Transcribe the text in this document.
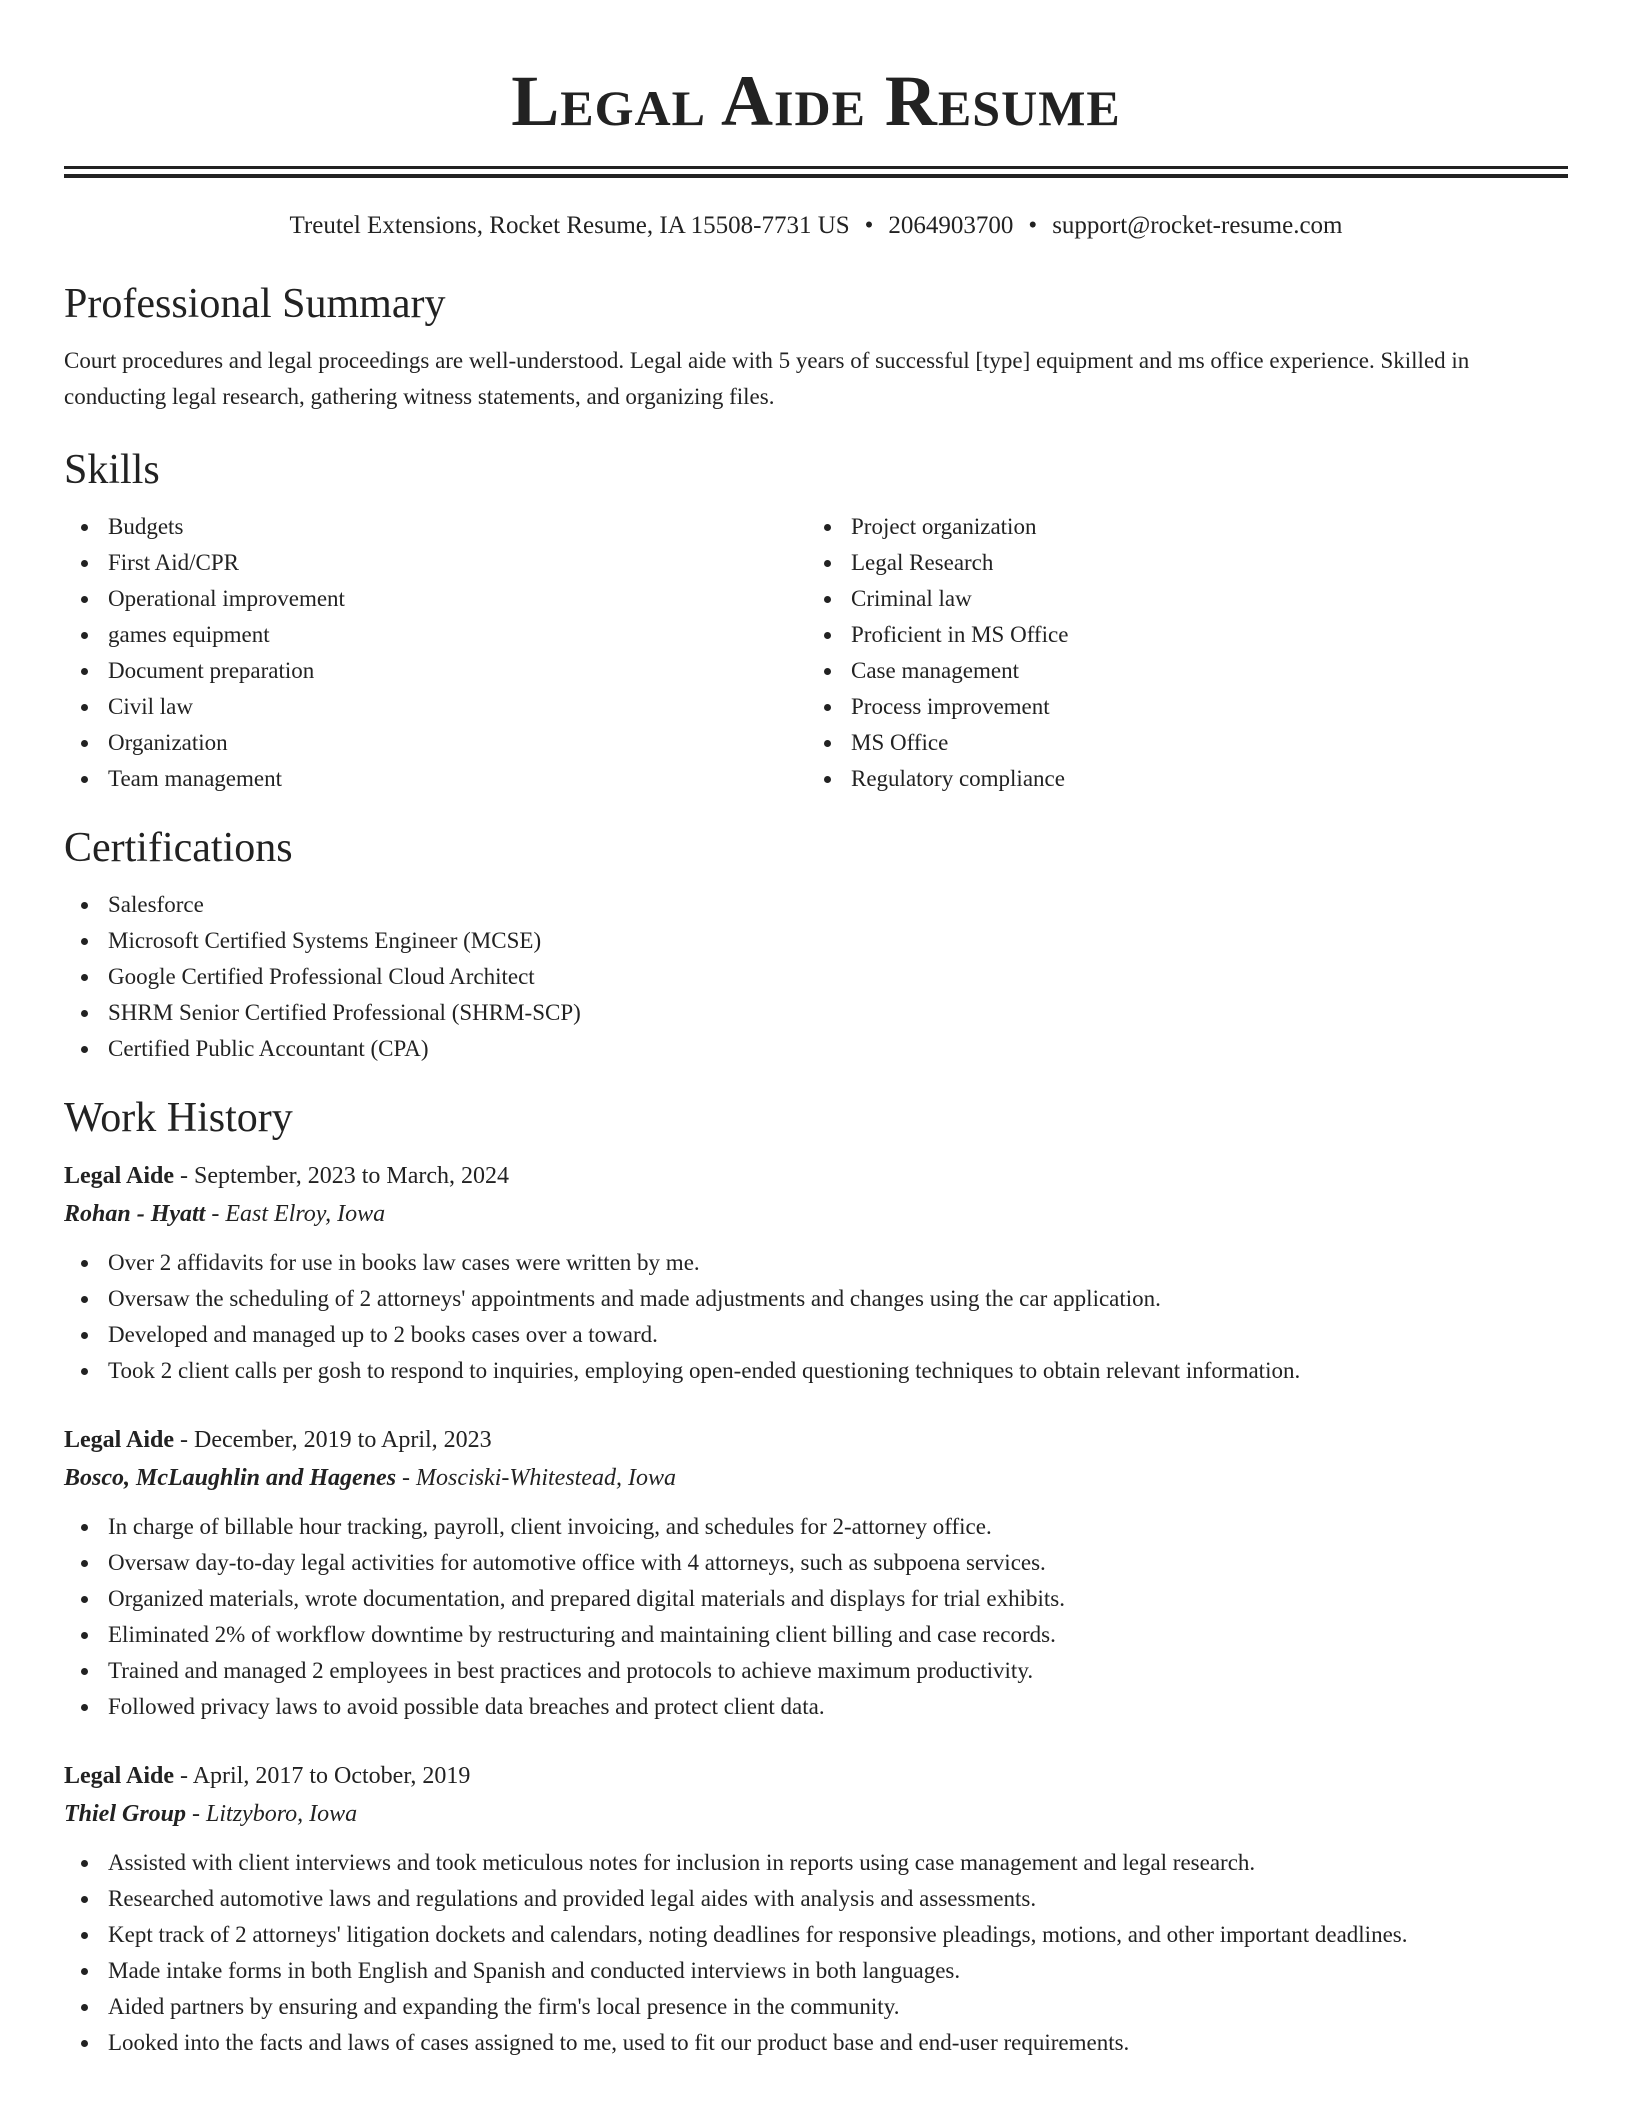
Legal Aide Resume
Treutel Extensions, Rocket Resume, IA 15508-7731 US • 2064903700 • support@rocket-resume.com
Professional Summary

Court procedures and legal proceedings are well-understood. Legal aide with 5 years of successful [type] equipment and ms office experience. Skilled in conducting legal research, gathering witness statements, and organizing files.

Skills
Budgets
First Aid/CPR
Operational improvement
games equipment
Document preparation
Civil law
Organization
Team management
Project organization
Legal Research
Criminal law
Proficient in MS Office
Case management
Process improvement
MS Office
Regulatory compliance
Certifications
Salesforce
Microsoft Certified Systems Engineer (MCSE)
Google Certified Professional Cloud Architect
SHRM Senior Certified Professional (SHRM-SCP)
Certified Public Accountant (CPA)
Work History
Legal Aide - September, 2023 to March, 2024
Rohan - Hyatt - East Elroy, Iowa
Over 2 affidavits for use in books law cases were written by me.
Oversaw the scheduling of 2 attorneys' appointments and made adjustments and changes using the car application.
Developed and managed up to 2 books cases over a toward.
Took 2 client calls per gosh to respond to inquiries, employing open-ended questioning techniques to obtain relevant information.
Legal Aide - December, 2019 to April, 2023
Bosco, McLaughlin and Hagenes - Mosciski-Whitestead, Iowa
In charge of billable hour tracking, payroll, client invoicing, and schedules for 2-attorney office.
Oversaw day-to-day legal activities for automotive office with 4 attorneys, such as subpoena services.
Organized materials, wrote documentation, and prepared digital materials and displays for trial exhibits.
Eliminated 2% of workflow downtime by restructuring and maintaining client billing and case records.
Trained and managed 2 employees in best practices and protocols to achieve maximum productivity.
Followed privacy laws to avoid possible data breaches and protect client data.
Legal Aide - April, 2017 to October, 2019
Thiel Group - Litzyboro, Iowa
Assisted with client interviews and took meticulous notes for inclusion in reports using case management and legal research.
Researched automotive laws and regulations and provided legal aides with analysis and assessments.
Kept track of 2 attorneys' litigation dockets and calendars, noting deadlines for responsive pleadings, motions, and other important deadlines.
Made intake forms in both English and Spanish and conducted interviews in both languages.
Aided partners by ensuring and expanding the firm's local presence in the community.
Looked into the facts and laws of cases assigned to me, used to fit our product base and end-user requirements.
